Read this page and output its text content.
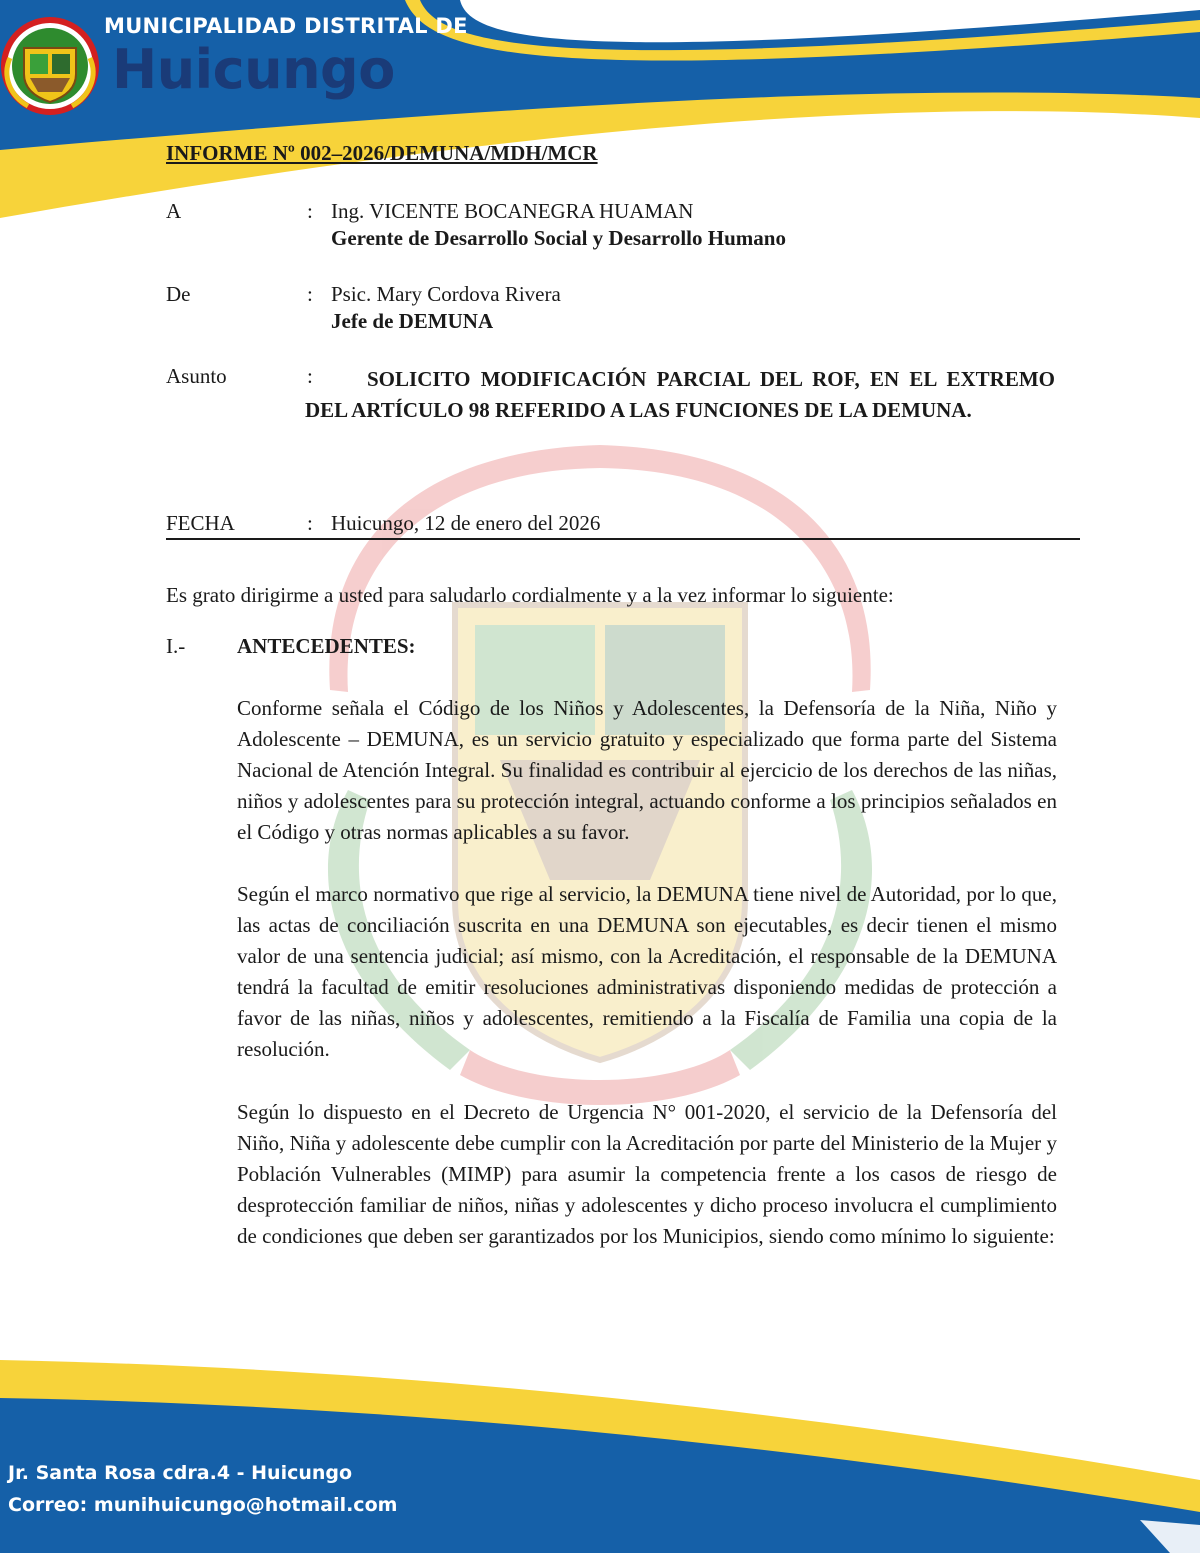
MUNICIPALIDAD DISTRITAL DE
Huicungo
INFORME Nº 002–2026/DEMUNA/MDH/MCR
A	: Ing. VICENTE BOCANEGRA HUAMAN
Gerente de Desarrollo Social y Desarrollo Humano
De	: Psic. Mary Cordova Rivera
Jefe de DEMUNA
Asunto	:	SOLICITO MODIFICACIÓN PARCIAL DEL ROF, EN EL EXTREMO DEL ARTÍCULO 98 REFERIDO A LAS FUNCIONES DE LA DEMUNA.
FECHA	: Huicungo, 12 de enero del 2026
Es grato dirigirme a usted para saludarlo cordialmente y a la vez informar lo siguiente:
I.- ANTECEDENTES:

Conforme señala el Código de los Niños y Adolescentes, la Defensoría de la Niña, Niño y Adolescente – DEMUNA, es un servicio gratuito y especializado que forma parte del Sistema Nacional de Atención Integral. Su finalidad es contribuir al ejercicio de los derechos de las niñas, niños y adolescentes para su protección integral, actuando conforme a los principios señalados en el Código y otras normas aplicables a su favor.

Según el marco normativo que rige al servicio, la DEMUNA tiene nivel de Autoridad, por lo que, las actas de conciliación suscrita en una DEMUNA son ejecutables, es decir tienen el mismo valor de una sentencia judicial; así mismo, con la Acreditación, el responsable de la DEMUNA tendrá la facultad de emitir resoluciones administrativas disponiendo medidas de protección a favor de las niñas, niños y adolescentes, remitiendo a la Fiscalía de Familia una copia de la resolución.

Según lo dispuesto en el Decreto de Urgencia N° 001-2020, el servicio de la Defensoría del Niño, Niña y adolescente debe cumplir con la Acreditación por parte del Ministerio de la Mujer y Población Vulnerables (MIMP) para asumir la competencia frente a los casos de riesgo de desprotección familiar de niños, niñas y adolescentes y dicho proceso involucra el cumplimiento de condiciones que deben ser garantizados por los Municipios, siendo como mínimo lo siguiente:

Jr. Santa Rosa cdra.4 - Huicungo
Correo: munihuicungo@hotmail.com
